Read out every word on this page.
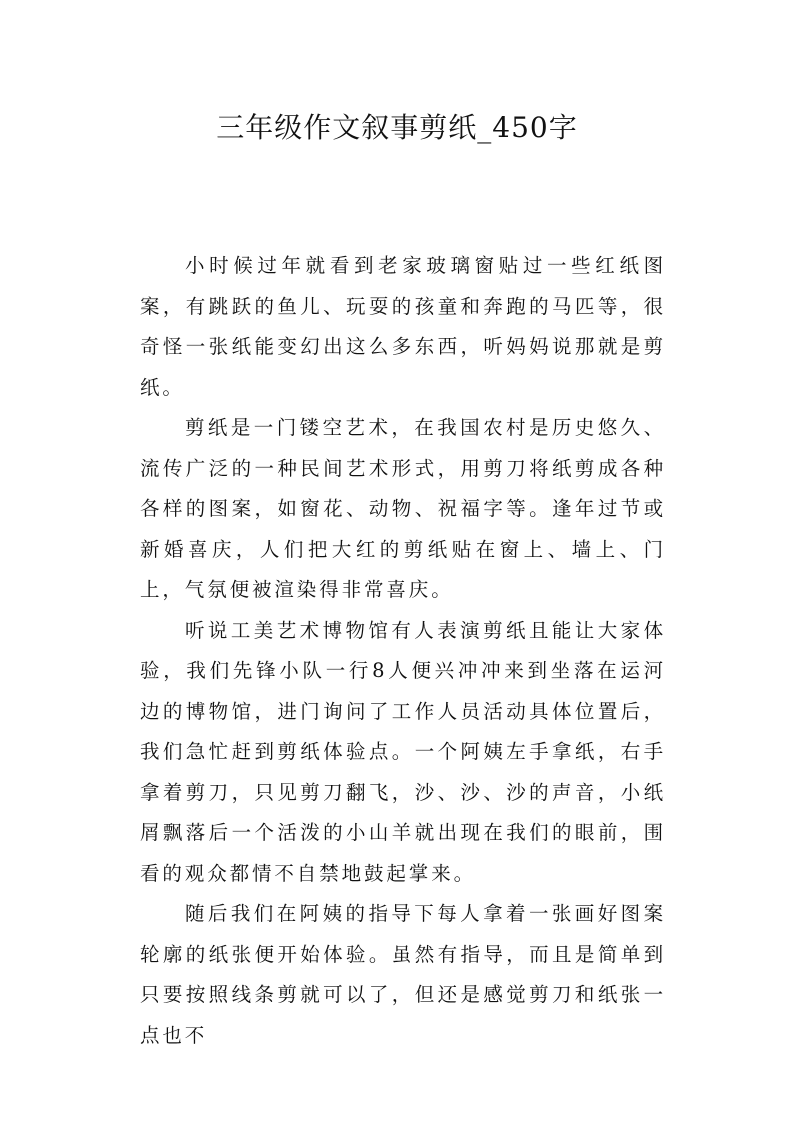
三年级作文叙事剪纸_450字

小时候过年就看到老家玻璃窗贴过一些红纸图案，有跳跃的鱼儿、玩耍的孩童和奔跑的马匹等，很奇怪一张纸能变幻出这么多东西，听妈妈说那就是剪纸。

剪纸是一门镂空艺术，在我国农村是历史悠久、流传广泛的一种民间艺术形式，用剪刀将纸剪成各种各样的图案，如窗花、动物、祝福字等。逢年过节或新婚喜庆，人们把大红的剪纸贴在窗上、墙上、门上，气氛便被渲染得非常喜庆。

听说工美艺术博物馆有人表演剪纸且能让大家体验，我们先锋小队一行8人便兴冲冲来到坐落在运河边的博物馆，进门询问了工作人员活动具体位置后，我们急忙赶到剪纸体验点。一个阿姨左手拿纸，右手拿着剪刀，只见剪刀翻飞，沙、沙、沙的声音，小纸屑飘落后一个活泼的小山羊就出现在我们的眼前，围看的观众都情不自禁地鼓起掌来。

随后我们在阿姨的指导下每人拿着一张画好图案轮廓的纸张便开始体验。虽然有指导，而且是简单到只要按照线条剪就可以了，但还是感觉剪刀和纸张一点也不
